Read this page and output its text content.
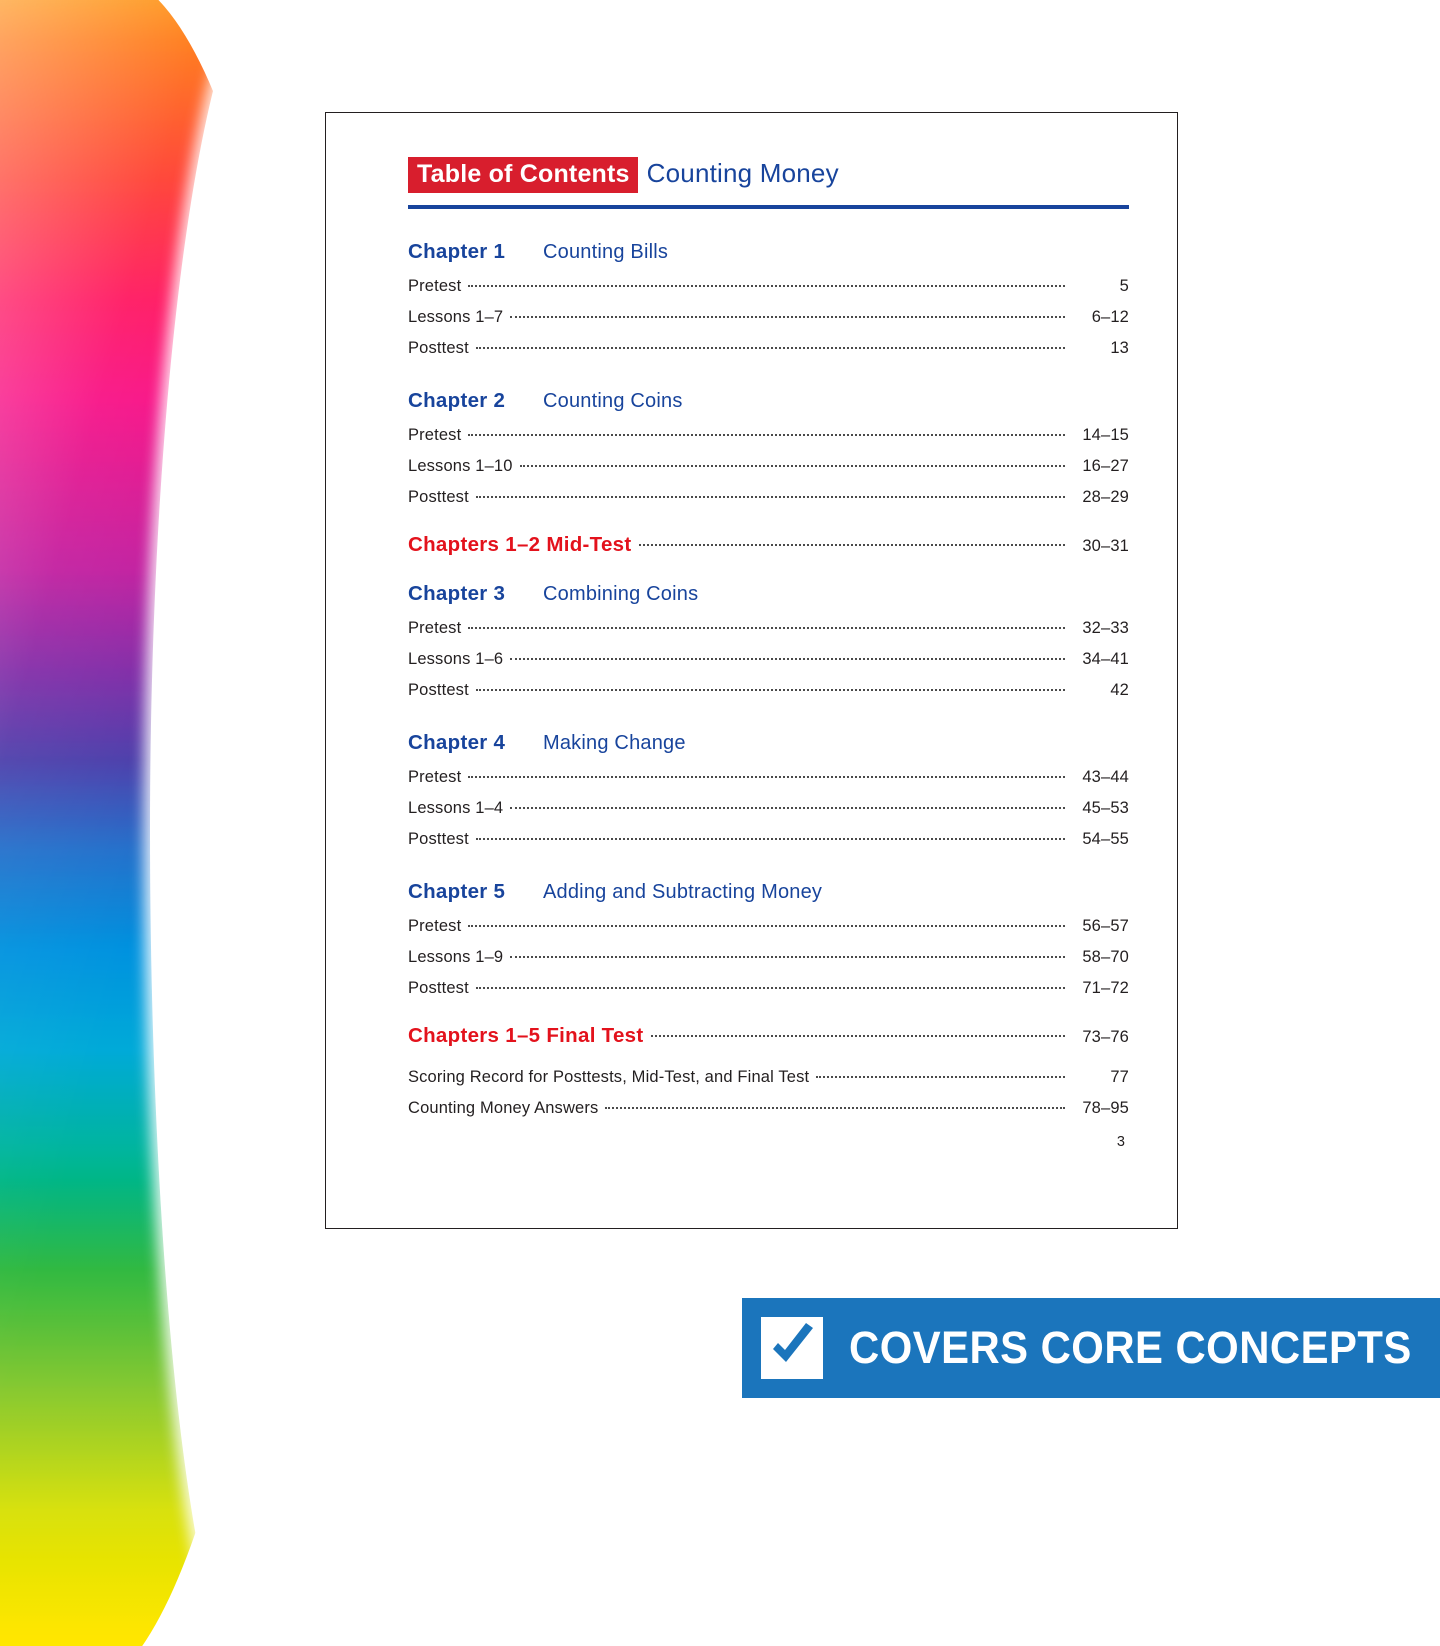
Table of Contents Counting Money
Chapter 1	Counting Bills
Pretest	5
Lessons 1–7	6–12
Posttest	13
Chapter 2	Counting Coins
Pretest	14–15
Lessons 1–10	16–27
Posttest	28–29
Chapters 1–2 Mid-Test	30–31
Chapter 3	Combining Coins
Pretest	32–33
Lessons 1–6	34–41
Posttest	42
Chapter 4	Making Change
Pretest	43–44
Lessons 1–4	45–53
Posttest	54–55
Chapter 5	Adding and Subtracting Money
Pretest	56–57
Lessons 1–9	58–70
Posttest	71–72
Chapters 1–5 Final Test	73–76
Scoring Record for Posttests, Mid-Test, and Final Test	77
Counting Money Answers	78–95
3
COVERS CORE CONCEPTS
